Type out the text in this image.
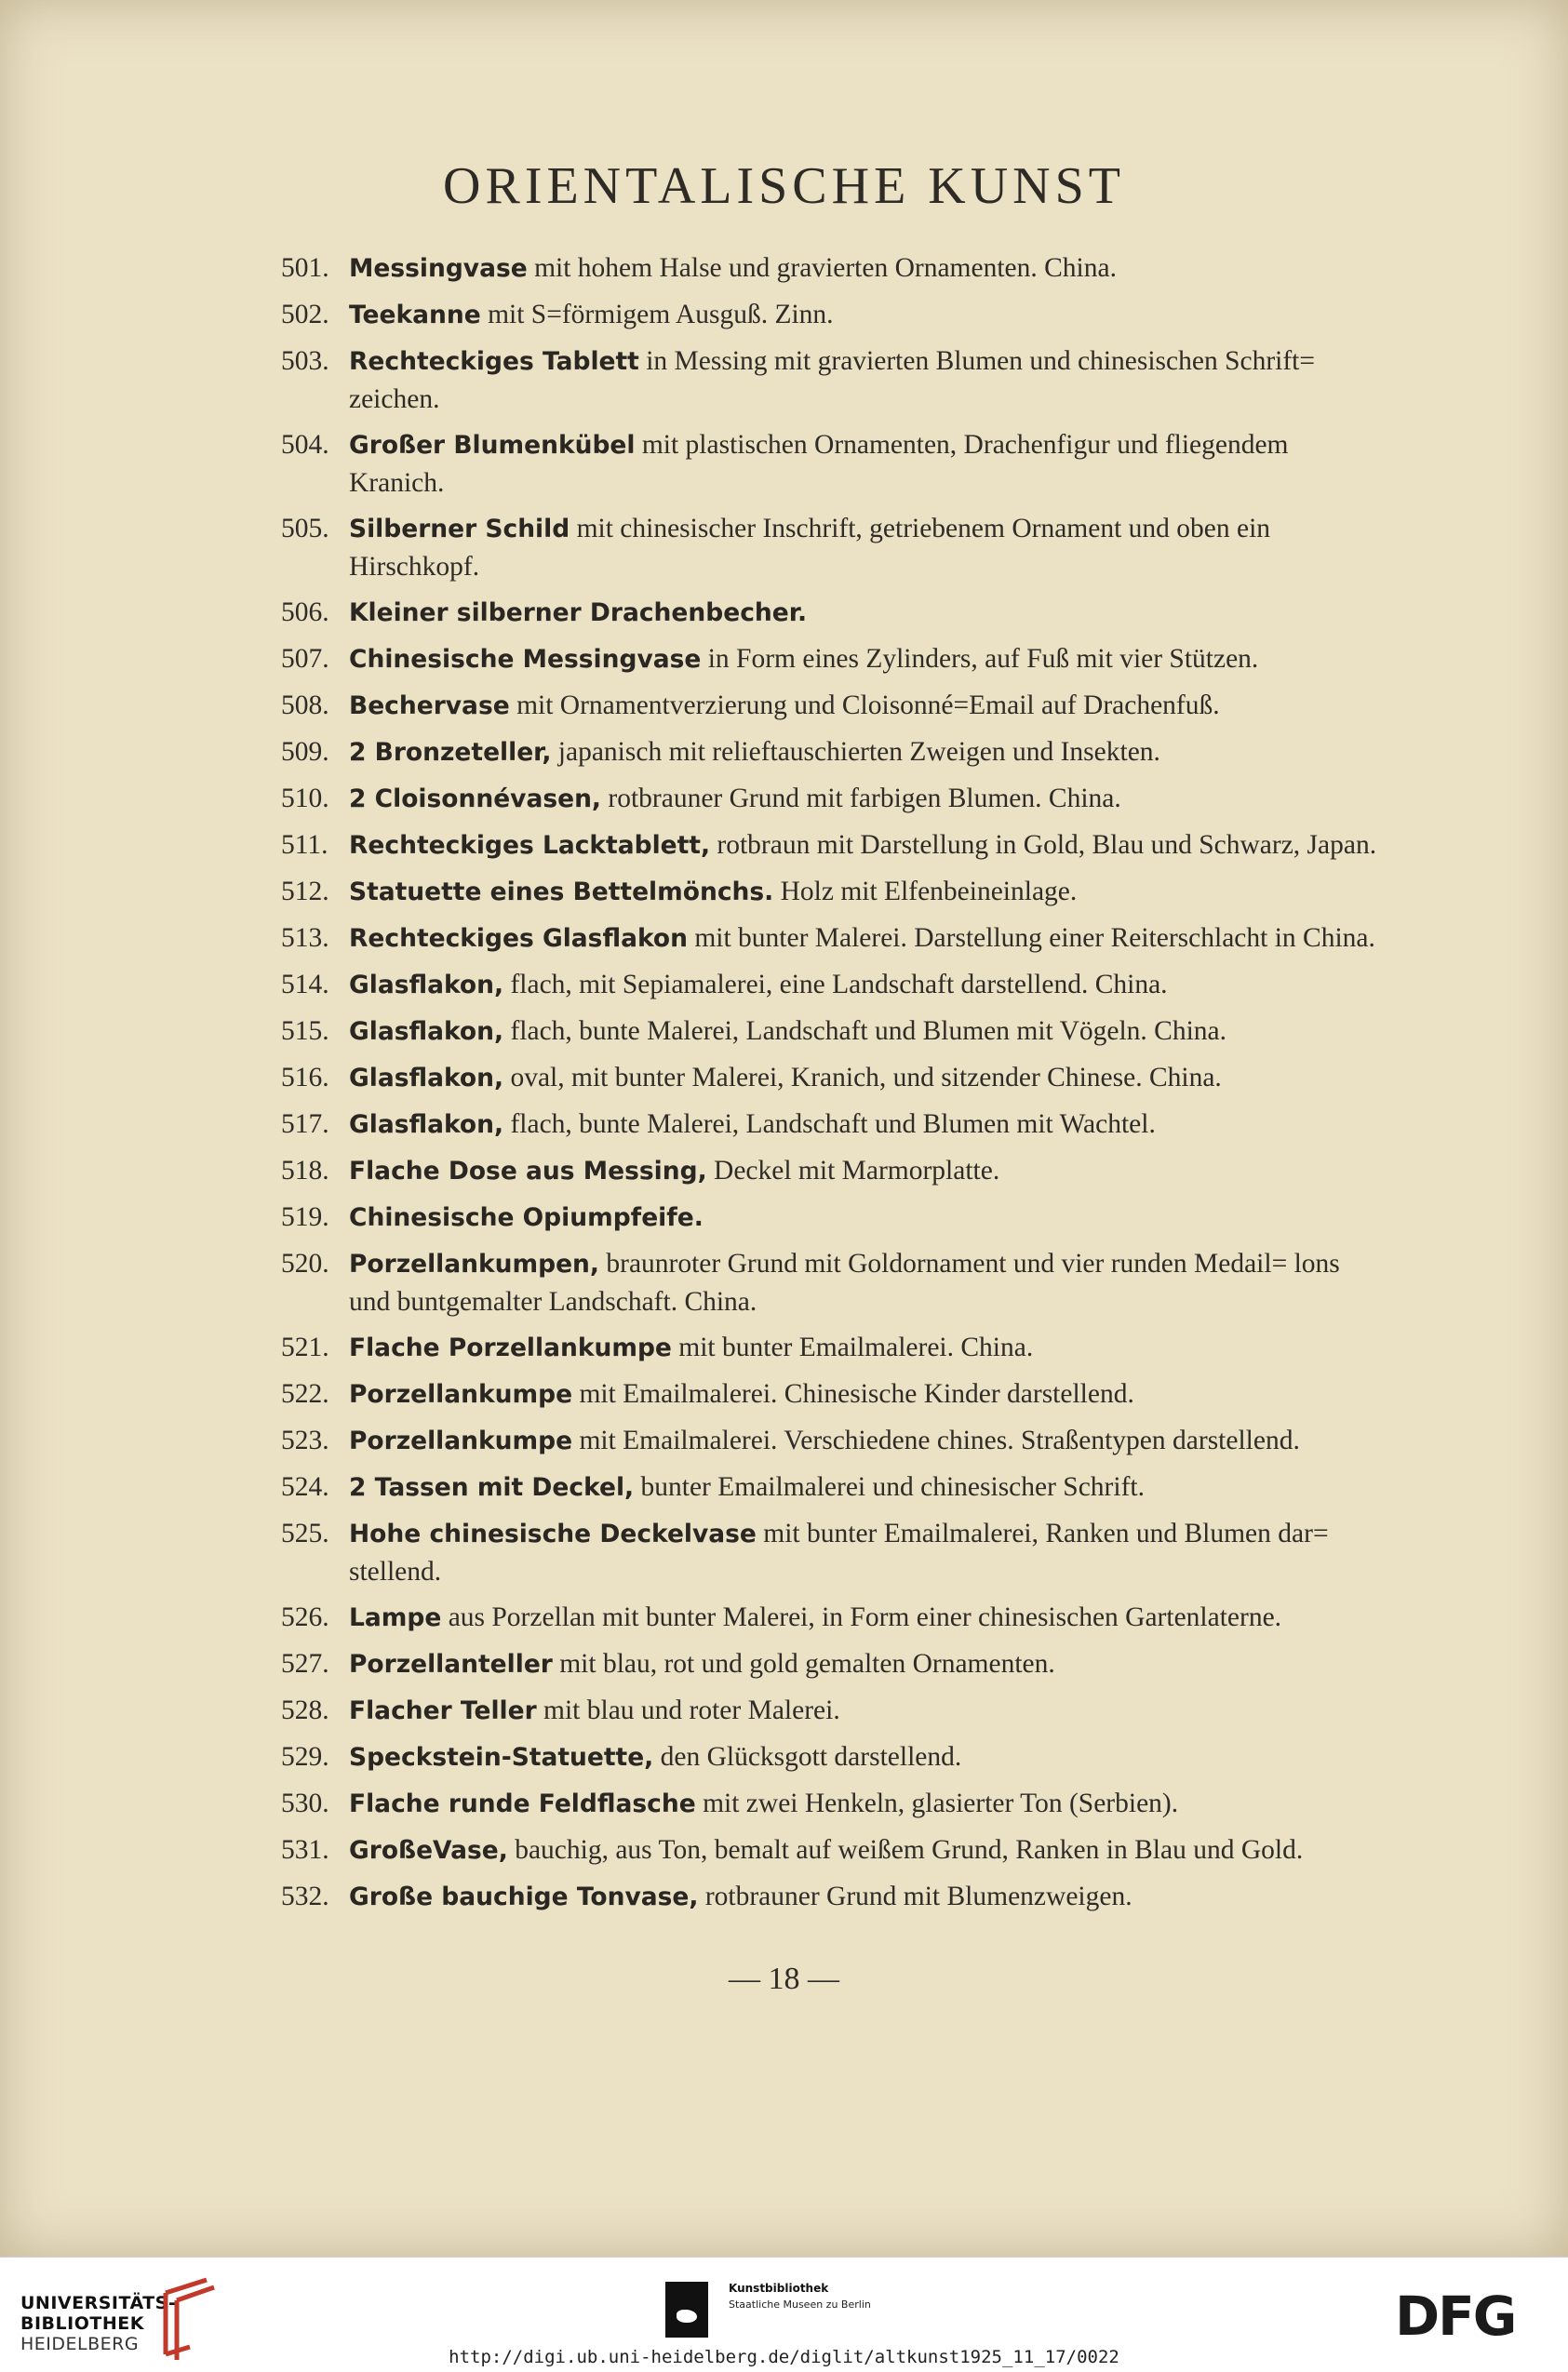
ORIENTALISCHE KUNST
501. Messingvase mit hohem Halse und gravierten Ornamenten. China.
502. Teekanne mit S=förmigem Ausguß. Zinn.
503. Rechteckiges Tablett in Messing mit gravierten Blumen und chinesischen Schrift= zeichen.
504. Großer Blumenkübel mit plastischen Ornamenten, Drachenfigur und fliegendem Kranich.
505. Silberner Schild mit chinesischer Inschrift, getriebenem Ornament und oben ein Hirschkopf.
506. Kleiner silberner Drachenbecher.
507. Chinesische Messingvase in Form eines Zylinders, auf Fuß mit vier Stützen.
508. Bechervase mit Ornamentverzierung und Cloisonné=Email auf Drachenfuß.
509. 2 Bronzeteller, japanisch mit relieftauschierten Zweigen und Insekten.
510. 2 Cloisonnévasen, rotbrauner Grund mit farbigen Blumen. China.
511. Rechteckiges Lacktablett, rotbraun mit Darstellung in Gold, Blau und Schwarz, Japan.
512. Statuette eines Bettelmönchs. Holz mit Elfenbeineinlage.
513. Rechteckiges Glasflakon mit bunter Malerei. Darstellung einer Reiterschlacht in China.
514. Glasflakon, flach, mit Sepiamalerei, eine Landschaft darstellend. China.
515. Glasflakon, flach, bunte Malerei, Landschaft und Blumen mit Vögeln. China.
516. Glasflakon, oval, mit bunter Malerei, Kranich, und sitzender Chinese. China.
517. Glasflakon, flach, bunte Malerei, Landschaft und Blumen mit Wachtel.
518. Flache Dose aus Messing, Deckel mit Marmorplatte.
519. Chinesische Opiumpfeife.
520. Porzellankumpen, braunroter Grund mit Goldornament und vier runden Medail= lons und buntgemalter Landschaft. China.
521. Flache Porzellankumpe mit bunter Emailmalerei. China.
522. Porzellankumpe mit Emailmalerei. Chinesische Kinder darstellend.
523. Porzellankumpe mit Emailmalerei. Verschiedene chines. Straßentypen darstellend.
524. 2 Tassen mit Deckel, bunter Emailmalerei und chinesischer Schrift.
525. Hohe chinesische Deckelvase mit bunter Emailmalerei, Ranken und Blumen dar= stellend.
526. Lampe aus Porzellan mit bunter Malerei, in Form einer chinesischen Gartenlaterne.
527. Porzellanteller mit blau, rot und gold gemalten Ornamenten.
528. Flacher Teller mit blau und roter Malerei.
529. Speckstein-Statuette, den Glücksgott darstellend.
530. Flache runde Feldflasche mit zwei Henkeln, glasierter Ton (Serbien).
531. GroßeVase, bauchig, aus Ton, bemalt auf weißem Grund, Ranken in Blau und Gold.
532. Große bauchige Tonvase, rotbrauner Grund mit Blumenzweigen.
— 18 —
UNIVERSITÄTS-
BIBLIOTHEK
HEIDELBERG
Kunstbibliothek
Staatliche Museen zu Berlin	DFG
http://digi.ub.uni-heidelberg.de/diglit/altkunst1925_11_17/0022
